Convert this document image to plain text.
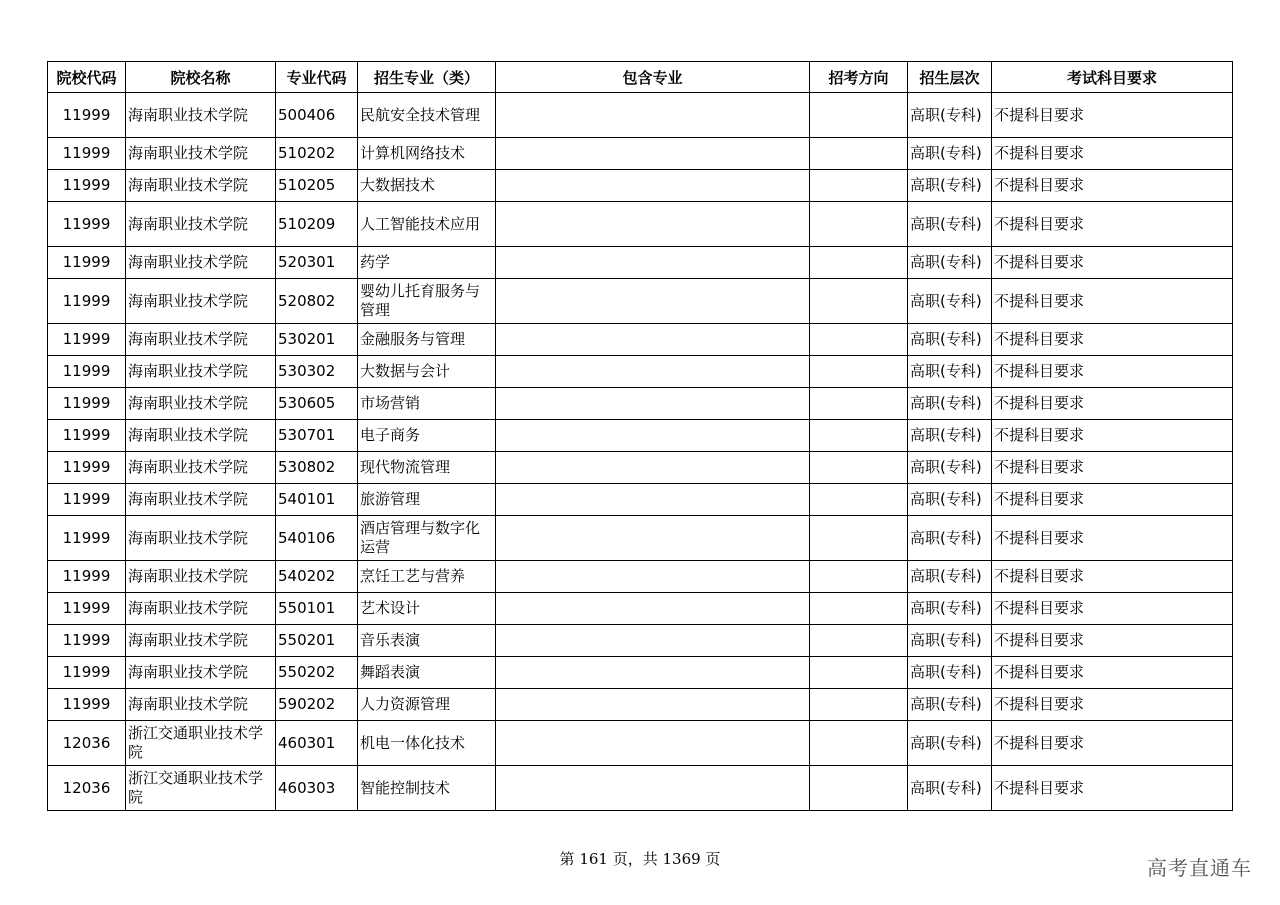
院校代码	院校名称	专业代码	招生专业（类）	包含专业	招考方向	招生层次	考试科目要求
11999	海南职业技术学院	500406	民航安全技术管理			高职(专科)	不提科目要求
11999	海南职业技术学院	510202	计算机网络技术			高职(专科)	不提科目要求
11999	海南职业技术学院	510205	大数据技术			高职(专科)	不提科目要求
11999	海南职业技术学院	510209	人工智能技术应用			高职(专科)	不提科目要求
11999	海南职业技术学院	520301	药学			高职(专科)	不提科目要求
11999	海南职业技术学院	520802	婴幼儿托育服务与管理			高职(专科)	不提科目要求
11999	海南职业技术学院	530201	金融服务与管理			高职(专科)	不提科目要求
11999	海南职业技术学院	530302	大数据与会计			高职(专科)	不提科目要求
11999	海南职业技术学院	530605	市场营销			高职(专科)	不提科目要求
11999	海南职业技术学院	530701	电子商务			高职(专科)	不提科目要求
11999	海南职业技术学院	530802	现代物流管理			高职(专科)	不提科目要求
11999	海南职业技术学院	540101	旅游管理			高职(专科)	不提科目要求
11999	海南职业技术学院	540106	酒店管理与数字化运营			高职(专科)	不提科目要求
11999	海南职业技术学院	540202	烹饪工艺与营养			高职(专科)	不提科目要求
11999	海南职业技术学院	550101	艺术设计			高职(专科)	不提科目要求
11999	海南职业技术学院	550201	音乐表演			高职(专科)	不提科目要求
11999	海南职业技术学院	550202	舞蹈表演			高职(专科)	不提科目要求
11999	海南职业技术学院	590202	人力资源管理			高职(专科)	不提科目要求
12036	浙江交通职业技术学院	460301	机电一体化技术			高职(专科)	不提科目要求
12036	浙江交通职业技术学院	460303	智能控制技术			高职(专科)	不提科目要求
第 161 页，共 1369 页	高考直通车
